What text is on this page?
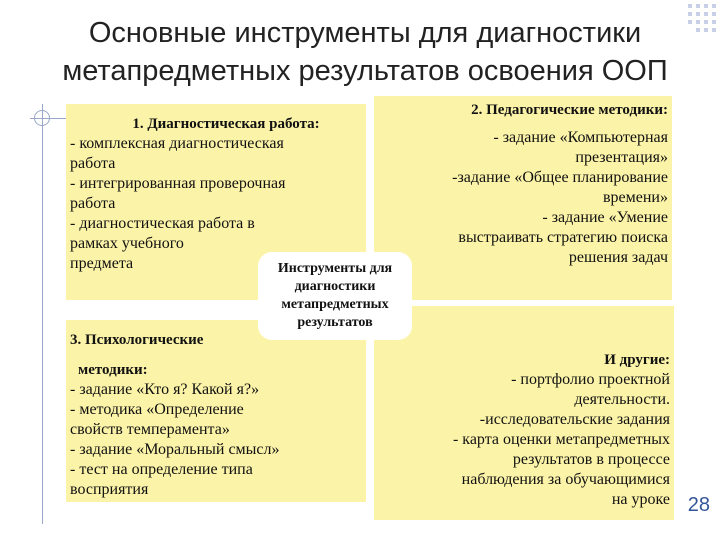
Основные инструменты для диагностики метапредметных результатов освоения ООП
1. Диагностическая работа:
- комплексная диагностическая
работа
- интегрированная проверочная
работа
- диагностическая работа в
рамках учебного
предмета
2. Педагогические методики:
- задание «Компьютерная
презентация»
-задание «Общее планирование
времени»
- задание «Умение
выстраивать стратегию поиска
решения задач
3. Психологические
методики:
- задание «Кто я? Какой я?»
- методика «Определение
свойств темперамента»
- задание «Моральный смысл»
- тест на определение типа
восприятия
И другие:
- портфолио проектной
деятельности.
-исследовательские задания
- карта оценки метапредметных
результатов в процессе
наблюдения за обучающимися
на уроке
Инструменты для диагностики метапредметных результатов
28
